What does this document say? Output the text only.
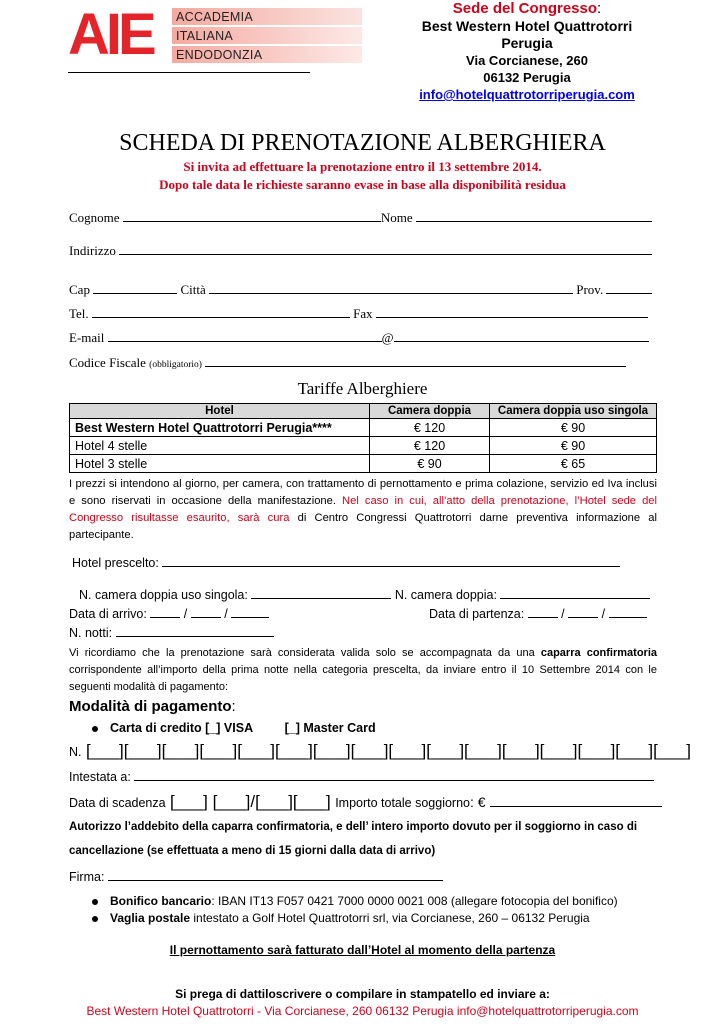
AIE ACCADEMIA
ITALIANA
ENDODONZIA
Sede del Congresso:
Best Western Hotel Quattrotorri
Perugia
Via Corcianese, 260
06132 Perugia
info@hotelquattrotorriperugia.com
SCHEDA DI PRENOTAZIONE ALBERGHIERA
Si invita ad effettuare la prenotazione entro il 13 settembre 2014.
Dopo tale data le richieste saranno evase in base alla disponibilità residua
Cognome	Nome
Indirizzo
Cap	Città	Prov.
Tel.	Fax
E-mail	@
Codice Fiscale (obbligatorio)
Tariffe Alberghiere
Hotel	Camera doppia	Camera doppia uso singola
Best Western Hotel Quattrotorri Perugia****	€ 120	€ 90
Hotel 4 stelle	€ 120	€ 90
Hotel 3 stelle	€ 90	€ 65
I prezzi si intendono al giorno, per camera, con trattamento di pernottamento e prima colazione, servizio ed Iva inclusi e sono riservati in occasione della manifestazione. Nel caso in cui, all’atto della prenotazione, l’Hotel sede del Congresso risultasse esaurito, sarà cura di Centro Congressi Quattrotorri darne preventiva informazione al partecipante.
Hotel prescelto:
N. camera doppia uso singola:	N. camera doppia:
Data di arrivo:	/	/	Data di partenza:	/	/
N. notti:
Vi ricordiamo che la prenotazione sarà considerata valida solo se accompagnata da una caparra confirmatoria corrispondente all’importo della prima notte nella categoria prescelta, da inviare entro il 10 Settembre 2014 con le seguenti modalità di pagamento:
Modalità di pagamento:
Carta di credito [_] VISA	[_] Master Card
N. [___][___][___][___][___][___][___][___][___][___][___][___][___][___][___][___]
Intestata a:
Data di scadenza [___] [___]/[___][___] Importo totale soggiorno: €
Autorizzo l’addebito della caparra confirmatoria, e dell’ intero importo dovuto per il soggiorno in caso di
cancellazione (se effettuata a meno di 15 giorni dalla data di arrivo)
Firma:
Bonifico bancario: IBAN IT13 F057 0421 7000 0000 0021 008 (allegare fotocopia del bonifico)
Vaglia postale intestato a Golf Hotel Quattrotorri srl, via Corcianese, 260 – 06132 Perugia
Il pernottamento sarà fatturato dall’Hotel al momento della partenza
Si prega di dattiloscrivere o compilare in stampatello ed inviare a:
Best Western Hotel Quattrotorri - Via Corcianese, 260 06132 Perugia info@hotelquattrotorriperugia.com
